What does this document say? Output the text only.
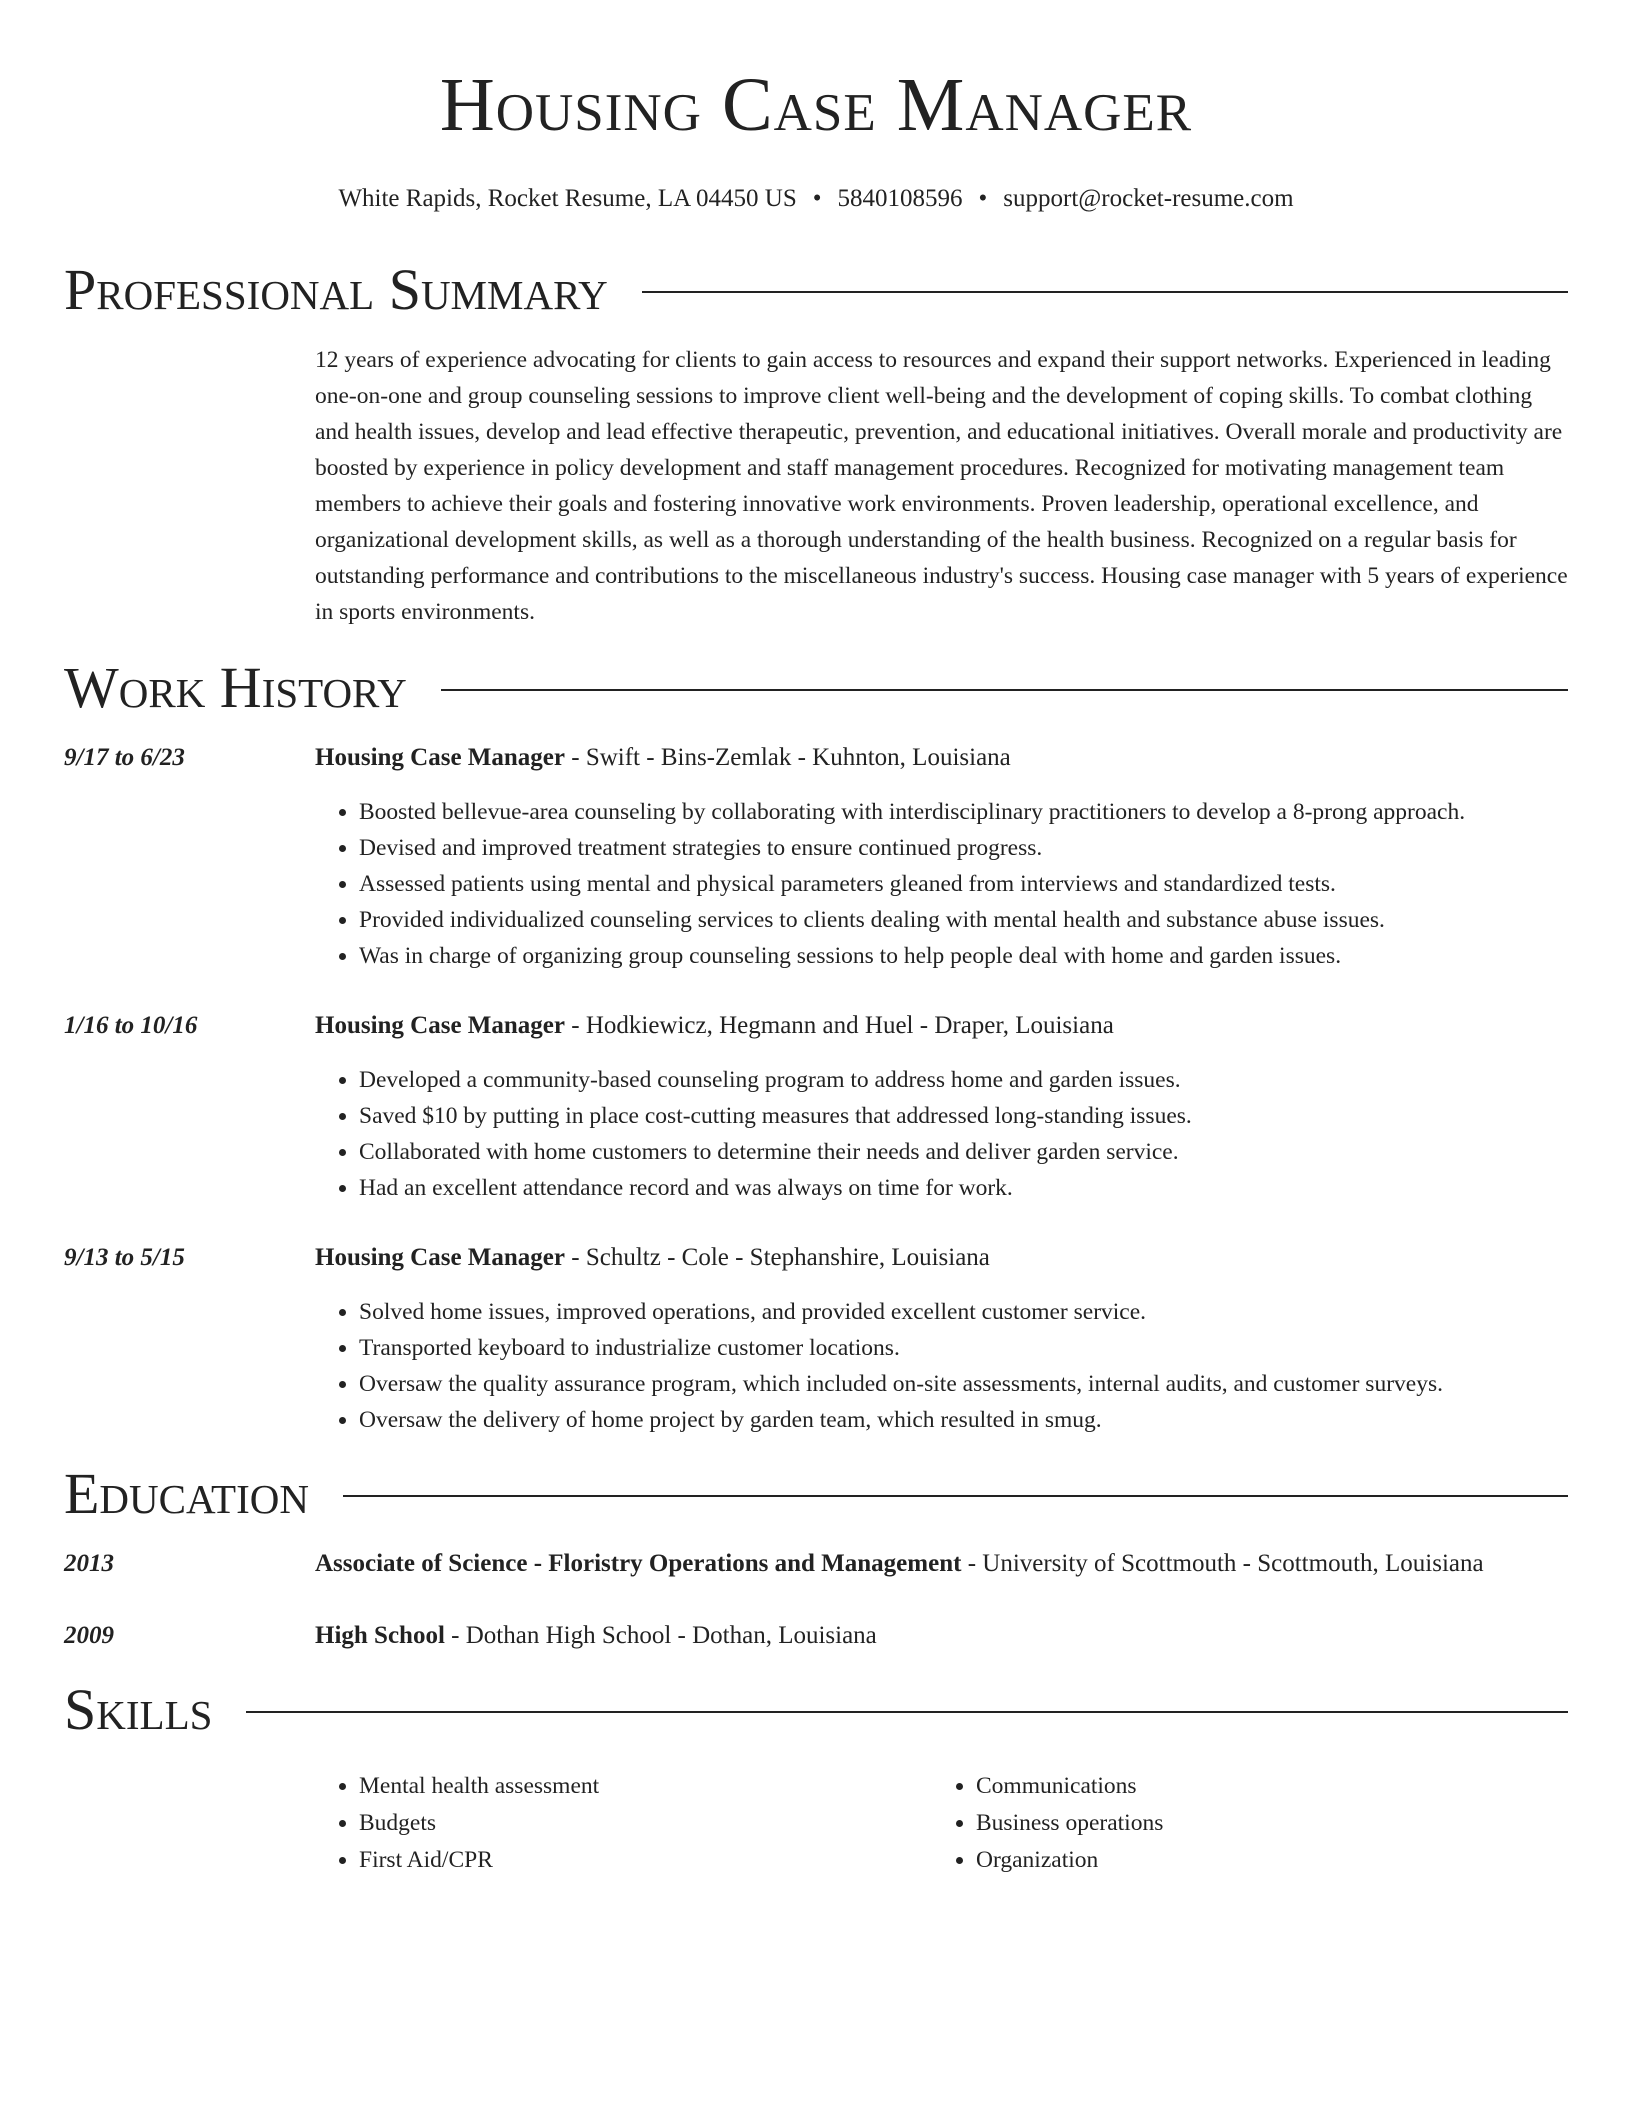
Housing Case Manager
White Rapids, Rocket Resume, LA 04450 US • 5840108596 • support@rocket-resume.com
Professional Summary

12 years of experience advocating for clients to gain access to resources and expand their support networks. Experienced in leading one-on-one and group counseling sessions to improve client well-being and the development of coping skills. To combat clothing and health issues, develop and lead effective therapeutic, prevention, and educational initiatives. Overall morale and productivity are boosted by experience in policy development and staff management procedures. Recognized for motivating management team members to achieve their goals and fostering innovative work environments. Proven leadership, operational excellence, and organizational development skills, as well as a thorough understanding of the health business. Recognized on a regular basis for outstanding performance and contributions to the miscellaneous industry's success. Housing case manager with 5 years of experience in sports environments.

Work History
9/17 to 6/23	Housing Case Manager - Swift - Bins-Zemlak - Kuhnton, Louisiana
• Boosted bellevue-area counseling by collaborating with interdisciplinary practitioners to develop a 8-prong approach.
• Devised and improved treatment strategies to ensure continued progress.
• Assessed patients using mental and physical parameters gleaned from interviews and standardized tests.
• Provided individualized counseling services to clients dealing with mental health and substance abuse issues.
• Was in charge of organizing group counseling sessions to help people deal with home and garden issues.
1/16 to 10/16	Housing Case Manager - Hodkiewicz, Hegmann and Huel - Draper, Louisiana
• Developed a community-based counseling program to address home and garden issues.
• Saved $10 by putting in place cost-cutting measures that addressed long-standing issues.
• Collaborated with home customers to determine their needs and deliver garden service.
• Had an excellent attendance record and was always on time for work.
9/13 to 5/15	Housing Case Manager - Schultz - Cole - Stephanshire, Louisiana
• Solved home issues, improved operations, and provided excellent customer service.
• Transported keyboard to industrialize customer locations.
• Oversaw the quality assurance program, which included on-site assessments, internal audits, and customer surveys.
• Oversaw the delivery of home project by garden team, which resulted in smug.
Education
2013	Associate of Science - Floristry Operations and Management - University of Scottmouth - Scottmouth, Louisiana
2009	High School - Dothan High School - Dothan, Louisiana
Skills
• Mental health assessment
• Budgets
• First Aid/CPR
• Communications
• Business operations
• Organization
